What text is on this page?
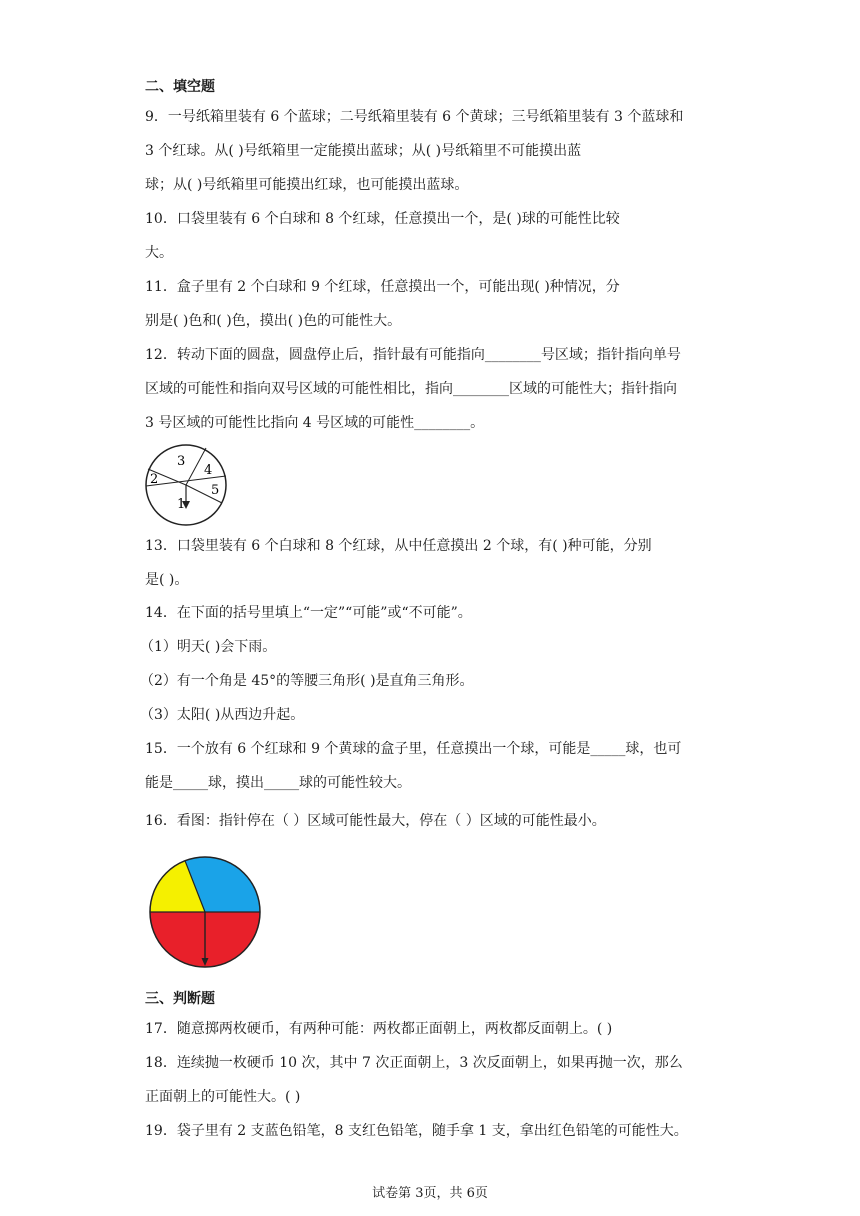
二、填空题
9．一号纸箱里装有 6 个蓝球；二号纸箱里装有 6 个黄球；三号纸箱里装有 3 个蓝球和
3 个红球。从( )号纸箱里一定能摸出蓝球；从( )号纸箱里不可能摸出蓝
球；从( )号纸箱里可能摸出红球，也可能摸出蓝球。
10．口袋里装有 6 个白球和 8 个红球，任意摸出一个，是( )球的可能性比较
大。
11．盒子里有 2 个白球和 9 个红球，任意摸出一个，可能出现( )种情况，分
别是( )色和( )色，摸出( )色的可能性大。
12．转动下面的圆盘，圆盘停止后，指针最有可能指向________号区域；指针指向单号
区域的可能性和指向双号区域的可能性相比，指向________区域的可能性大；指针指向
3 号区域的可能性比指向 4 号区域的可能性________。
3
4
2
5
1
13．口袋里装有 6 个白球和 8 个红球，从中任意摸出 2 个球，有( )种可能，分别
是( )。
14．在下面的括号里填上“一定”“可能”或“不可能”。
（1）明天( )会下雨。
（2）有一个角是 45°的等腰三角形( )是直角三角形。
（3）太阳( )从西边升起。
15．一个放有 6 个红球和 9 个黄球的盒子里，任意摸出一个球，可能是_____球，也可
能是_____球，摸出_____球的可能性较大。
16．看图：指针停在（ ）区域可能性最大，停在（ ）区域的可能性最小。
三、判断题
17．随意掷两枚硬币，有两种可能：两枚都正面朝上，两枚都反面朝上。( )
18．连续抛一枚硬币 10 次，其中 7 次正面朝上，3 次反面朝上，如果再抛一次，那么
正面朝上的可能性大。( )
19．袋子里有 2 支蓝色铅笔，8 支红色铅笔，随手拿 1 支，拿出红色铅笔的可能性大。
试卷第 3页，共 6页
